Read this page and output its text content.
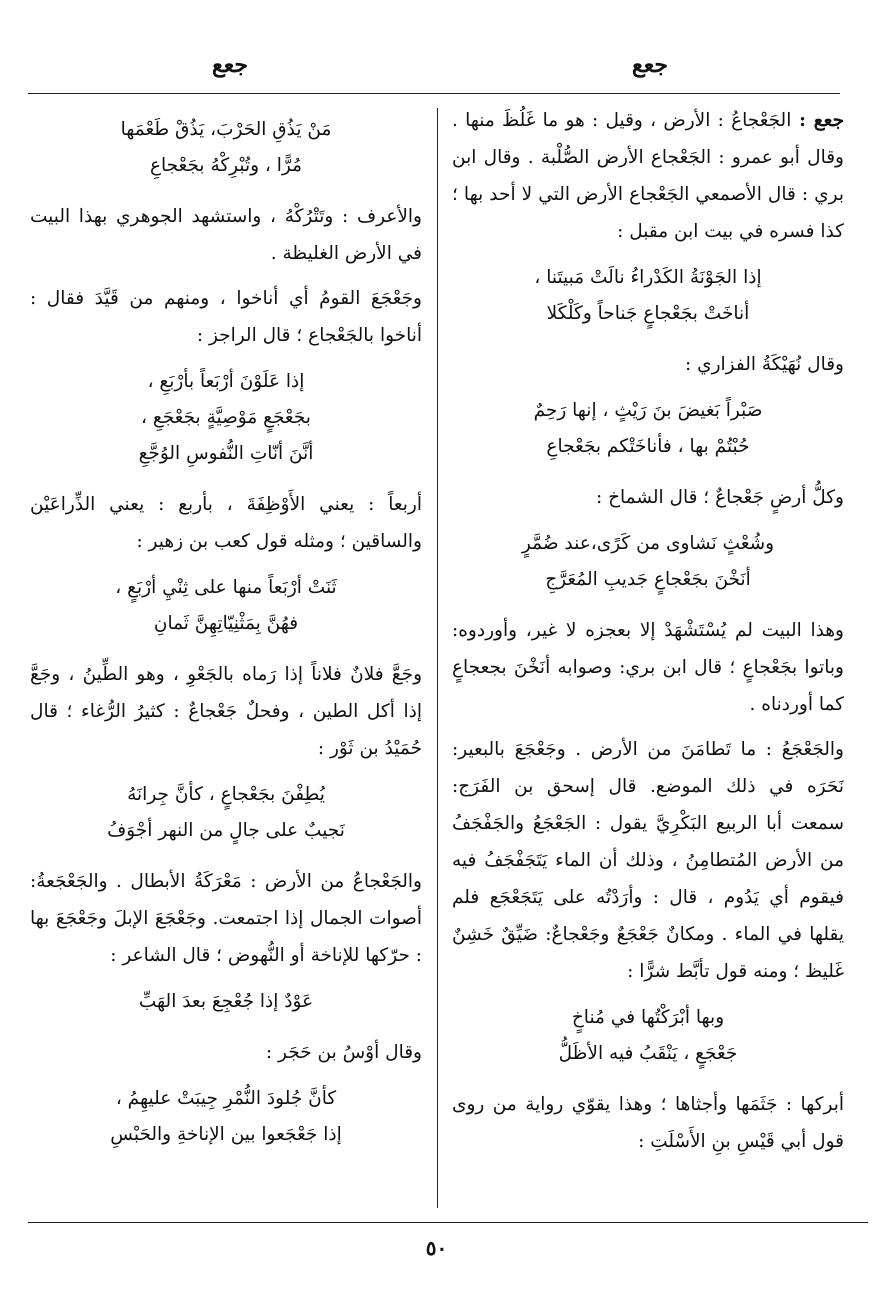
جعع
جعع
جعع : الجَعْجاعُ : الأرض ، وقيل : هو ما غَلُظَ منها . وقال أبو عمرو : الجَعْجاع الأرض الصُّلْبة . وقال ابن بري : قال الأصمعي الجَعْجاع الأرض التي لا أحد بها ؛ كذا فسره في بيت ابن مقبل :
إذا الجَوْنَةُ الكَدْراءُ نالَتْ مَبيتَنا ،
أناخَتْ بجَعْجاعٍ جَناحاً وكَلْكَلا
وقال نُهَيْكَةُ الفزاري :
صَبْراً بَغيضَ بنَ رَيْثٍ ، إنها رَحِمٌ
حُبْتُمْ بها ، فأناخَتْكم بجَعْجاعِ
وكلُّ أرضٍ جَعْجاعٌ ؛ قال الشماخ :
وشُعْثٍ نَشاوى من كَرًى،عند ضُمَّرٍ
أنَخْنَ بجَعْجاعٍ جَديبِ المُعَرَّجِ
وهذا البيت لم يُسْتَشْهَدْ إلا بعجزه لا غير، وأوردوه: وباتوا بجَعْجاعٍ ؛ قال ابن بري: وصوابه أنَخْنَ بجعجاعٍ كما أوردناه .
والجَعْجَعُ : ما تَطامَنَ من الأرض . وجَعْجَعَ بالبعير: نَحَرَه في ذلك الموضع. قال إسحق بن الفَرَج: سمعت أبا الربيع البَكْرِيَّ يقول : الجَعْجَعُ والجَفْجَفُ من الأرض المُتطامِنُ ، وذلك أن الماء يَتَجَفْجَفُ فيه فيقوم أي يَدُوم ، قال : وأرَدْتُه على يَتَجَعْجَع فلم يقلها في الماء . ومكانٌ جَعْجَعٌ وجَعْجاعٌ: ضَيِّقٌ خَشِنٌ غَليظ ؛ ومنه قول تأبَّط شرًّا :
وبها أبْرَكْتُها في مُناخٍ
جَعْجَعٍ ، يَنْقَبُ فيه الأظَلُّ
أبركها : جَثَمَها وأجثاها ؛ وهذا يقوّي رواية من روى قول أبي قَيْسِ بنِ الأَسْلَتِ :
مَنْ يَذُقِ الحَرْبَ، يَذُقْ طَعْمَها
مُرًّا ، وتُبْرِكْهُ بجَعْجاعِ
والأعرف : وتَتْرُكْهُ ، واستشهد الجوهري بهذا البيت في الأرض الغليظة .
وجَعْجَعَ القومُ أي أناخوا ، ومنهم من قَيَّدَ فقال : أناخوا بالجَعْجاع ؛ قال الراجز :
إذا عَلَوْنَ أرْبَعاً بأرْبَعِ ،
بجَعْجَعٍ مَوْصِيَّةٍ بجَعْجَعِ ،
أنَّنَ أنّاتِ النُّفوسِ الوُجَّعِ
أربعاً : يعني الأَوْظِفَةَ ، بأربع : يعني الذِّراعَيْن والساقين ؛ ومثله قول كعب بن زهير :
ثَنَتْ أرْبَعاً منها على ثِنْيِ أرْبَعٍ ،
فهُنَّ بِمَثْنِيّاتِهِنَّ ثَمانِ
وجَعَّ فلانٌ فلاناً إذا رَماه بالجَعْوِ ، وهو الطِّينُ ، وجَعَّ إذا أكل الطين ، وفحلٌ جَعْجاعٌ : كثيرُ الرُّغاء ؛ قال حُمَيْدُ بن ثَوْر :
يُطِفْنَ بجَعْجاعٍ ، كأنَّ جِرانَهُ
نَجيبٌ على جالٍ من النهر أجْوَفُ
والجَعْجاعُ من الأرض : مَعْرَكَةُ الأبطال . والجَعْجَعةُ: أصوات الجمال إذا اجتمعت. وجَعْجَعَ الإبلَ وجَعْجَعَ بها : حرّكها للإناخة أو النُّهوض ؛ قال الشاعر :
عَوْدٌ إذا جُعْجِعَ بعدَ الهَبِّ
وقال أوْسُ بن حَجَر :
كأنَّ جُلودَ النُّمْرِ جِيبَتْ عليهِمُ ،
إذا جَعْجَعوا بين الإناخةِ والحَبْسِ
٥٠
